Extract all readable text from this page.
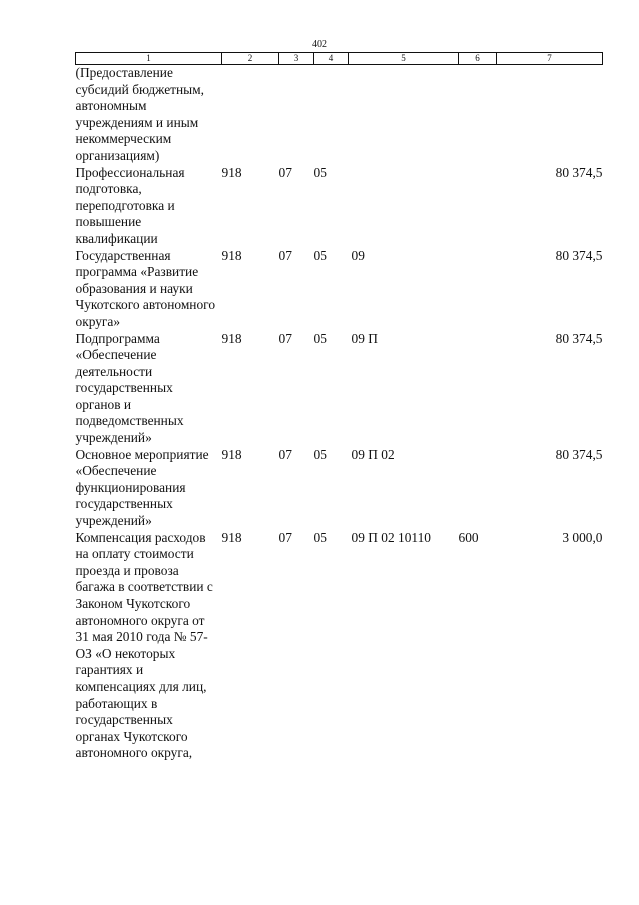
402
1	2	3	4	5	6	7
(Предоставление субсидий бюджетным, автономным учреждениям и иным некоммерческим организациям)						
Профессиональная подготовка, переподготовка и повышение квалификации	918	07	05			80 374,5
Государственная программа «Развитие образования и науки Чукотского автономного округа»	918	07	05	09		80 374,5
Подпрограмма «Обеспечение деятельности государственных органов и подведомственных учреждений»	918	07	05	09 П		80 374,5
Основное мероприятие «Обеспечение функционирования государственных учреждений»	918	07	05	09 П 02		80 374,5
Компенсация расходов на оплату стоимости проезда и провоза багажа в соответствии с Законом Чукотского автономного округа от 31 мая 2010 года № 57-ОЗ «О некоторых гарантиях и компенсациях для лиц, работающих в государственных органах Чукотского автономного округа,	918	07	05	09 П 02 10110	600	3 000,0
